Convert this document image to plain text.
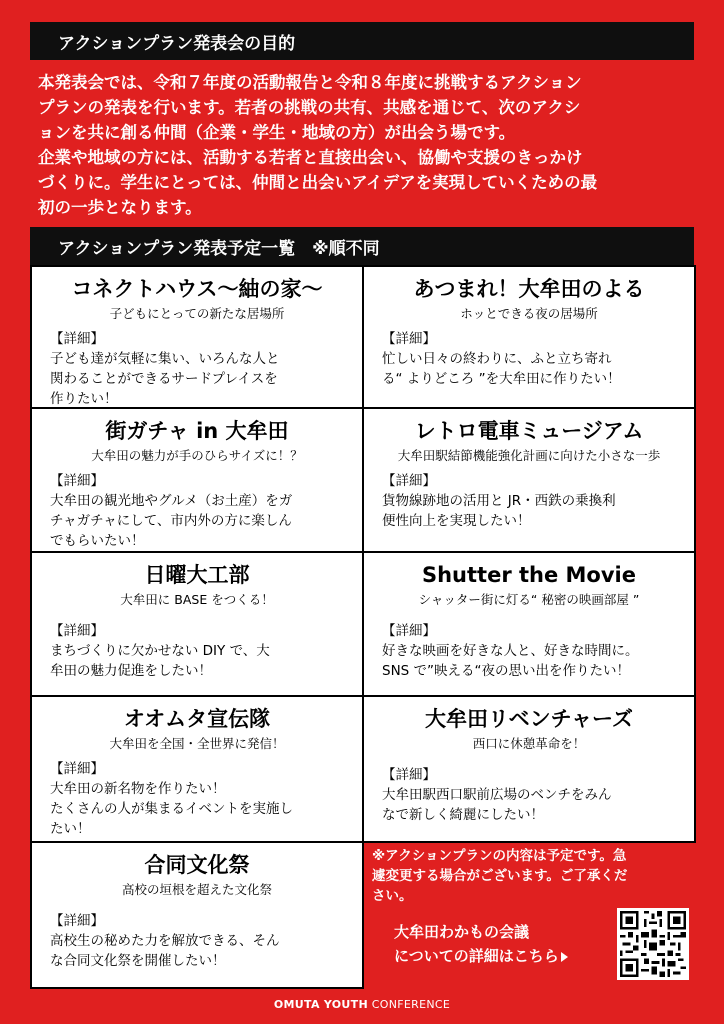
アクションプラン発表会の目的

本発表会では、令和７年度の活動報告と令和８年度に挑戦するアクション

プランの発表を行います。若者の挑戦の共有、共感を通じて、次のアクシ

ョンを共に創る仲間（企業・学生・地域の方）が出会う場です。

企業や地域の方には、活動する若者と直接出会い、協働や支援のきっかけ

づくりに。学生にとっては、仲間と出会いアイデアを実現していくための最

初の一歩となります。

アクションプラン発表予定一覧　※順不同
コネクトハウス〜紬の家〜
子どもにとっての新たな居場所
【詳細】
子ども達が気軽に集い、いろんな人と
関わることができるサードプレイスを
作りたい！
あつまれ！大牟田のよる
ホッとできる夜の居場所
【詳細】
忙しい日々の終わりに、ふと立ち寄れ
る“ よりどころ ”を大牟田に作りたい！
街ガチャ in 大牟田
大牟田の魅力が手のひらサイズに！？
【詳細】
大牟田の観光地やグルメ（お土産）をガ
チャガチャにして、市内外の方に楽しん
でもらいたい！
レトロ電車ミュージアム
大牟田駅結節機能強化計画に向けた小さな一歩
【詳細】
貨物線跡地の活用と JR・西鉄の乗換利
便性向上を実現したい！
日曜大工部
大牟田に BASE をつくる！
【詳細】
まちづくりに欠かせない DIY で、大
牟田の魅力促進をしたい！
Shutter the Movie
シャッター街に灯る“ 秘密の映画部屋 ”
【詳細】
好きな映画を好きな人と、好きな時間に。
SNS で”映える“夜の思い出を作りたい！
オオムタ宣伝隊
大牟田を全国・全世界に発信！
【詳細】
大牟田の新名物を作りたい！
たくさんの人が集まるイベントを実施し
たい！
大牟田リベンチャーズ
西口に休憩革命を！
【詳細】
大牟田駅西口駅前広場のベンチをみん
なで新しく綺麗にしたい！
合同文化祭
高校の垣根を超えた文化祭
【詳細】
高校生の秘めた力を解放できる、そん
な合同文化祭を開催したい！
※アクションプランの内容は予定です。急
遽変更する場合がございます。ご了承くだ
さい。
大牟田わかもの会議
についての詳細はこちら
OMUTA YOUTH CONFERENCE
